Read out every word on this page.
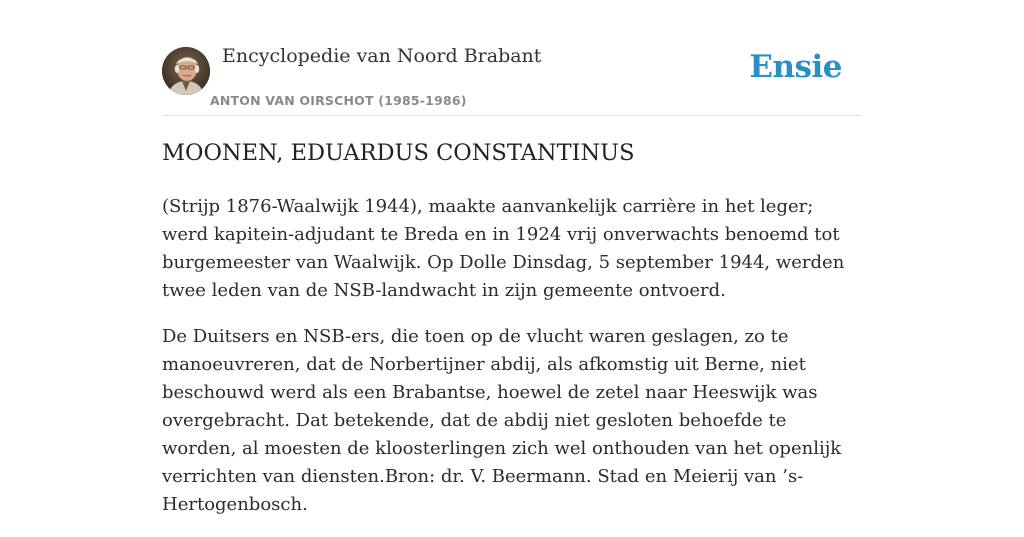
Encyclopedie van Noord Brabant
ANTON VAN OIRSCHOT (1985-1986)
Ensie
MOONEN, EDUARDUS CONSTANTINUS

(Strijp 1876-Waalwijk 1944), maakte aanvankelijk carrière in het leger; werd kapitein-adjudant te Breda en in 1924 vrij onverwachts benoemd tot burgemeester van Waalwijk. Op Dolle Dinsdag, 5 september 1944, werden twee leden van de NSB-landwacht in zijn gemeente ontvoerd.

De Duitsers en NSB-ers, die toen op de vlucht waren geslagen, zo te manoeuvreren, dat de Norbertijner abdij, als afkomstig uit Berne, niet beschouwd werd als een Brabantse, hoewel de zetel naar Heeswijk was overgebracht. Dat betekende, dat de abdij niet gesloten behoefde te worden, al moesten de kloosterlingen zich wel onthouden van het openlijk verrichten van diensten.Bron: dr. V. Beermann. Stad en Meierij van ’s-Hertogenbosch.
